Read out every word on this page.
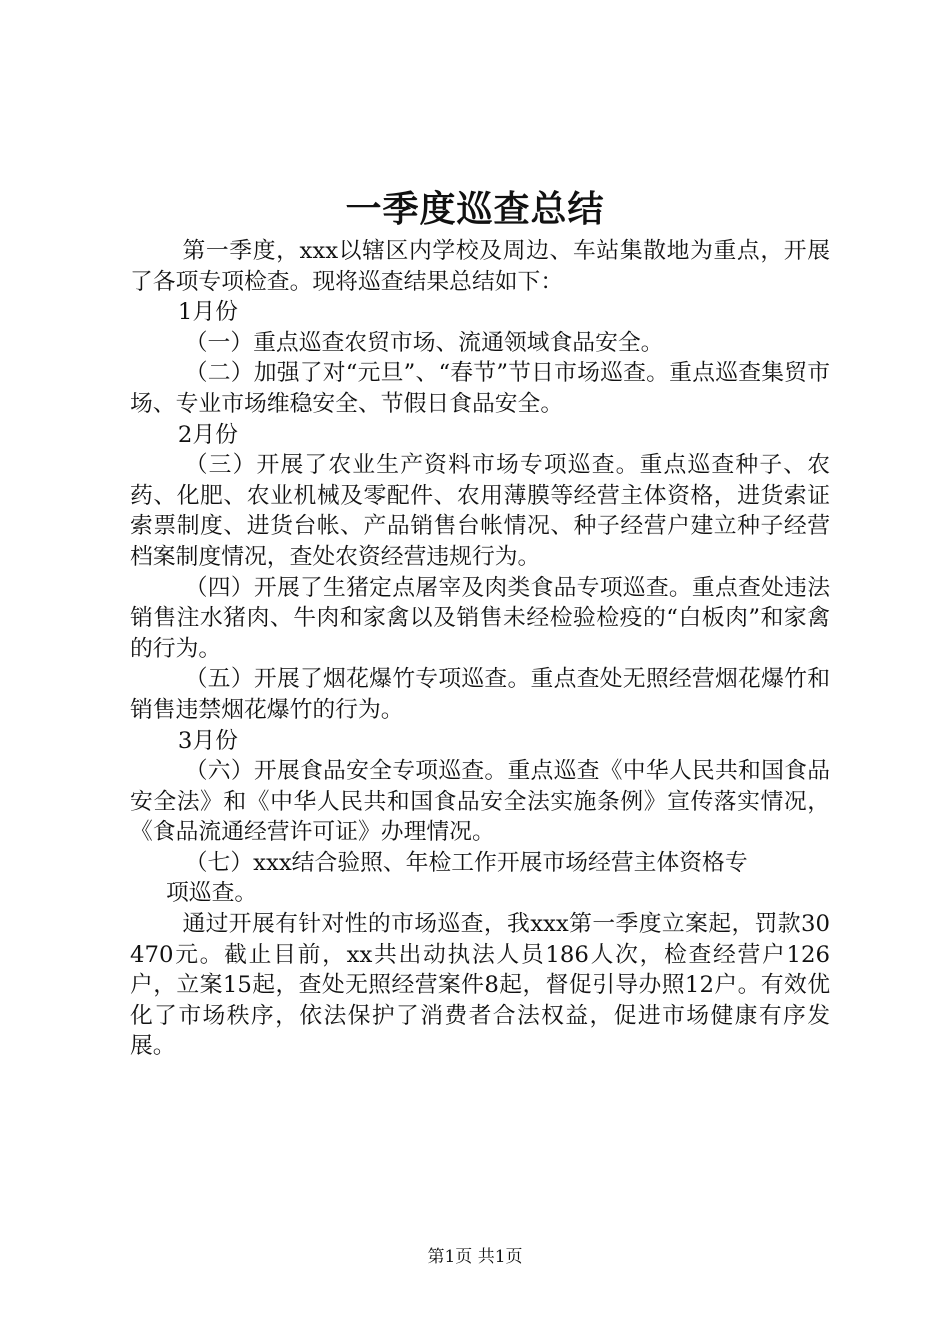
一季度巡查总结

第一季度，xxx以辖区内学校及周边、车站集散地为重点，开展了各项专项检查。现将巡查结果总结如下：

1月份

（一）重点巡查农贸市场、流通领域食品安全。

（二）加强了对“元旦”、“春节”节日市场巡查。重点巡查集贸市场、专业市场维稳安全、节假日食品安全。

2月份

（三）开展了农业生产资料市场专项巡查。重点巡查种子、农药、化肥、农业机械及零配件、农用薄膜等经营主体资格，进货索证索票制度、进货台帐、产品销售台帐情况、种子经营户建立种子经营档案制度情况，查处农资经营违规行为。

（四）开展了生猪定点屠宰及肉类食品专项巡查。重点查处违法销售注水猪肉、牛肉和家禽以及销售未经检验检疫的“白板肉”和家禽的行为。

（五）开展了烟花爆竹专项巡查。重点查处无照经营烟花爆竹和销售违禁烟花爆竹的行为。

3月份

（六）开展食品安全专项巡查。重点巡查《中华人民共和国食品安全法》和《中华人民共和国食品安全法实施条例》宣传落实情况，《食品流通经营许可证》办理情况。

（七）xxx结合验照、年检工作开展市场经营主体资格专

项巡查。

通过开展有针对性的市场巡查，我xxx第一季度立案起，罚款30470元。截止目前，xx共出动执法人员186人次，检查经营户126户，立案15起，查处无照经营案件8起，督促引导办照12户。有效优化了市场秩序，依法保护了消费者合法权益，促进市场健康有序发展。

第1页 共1页
